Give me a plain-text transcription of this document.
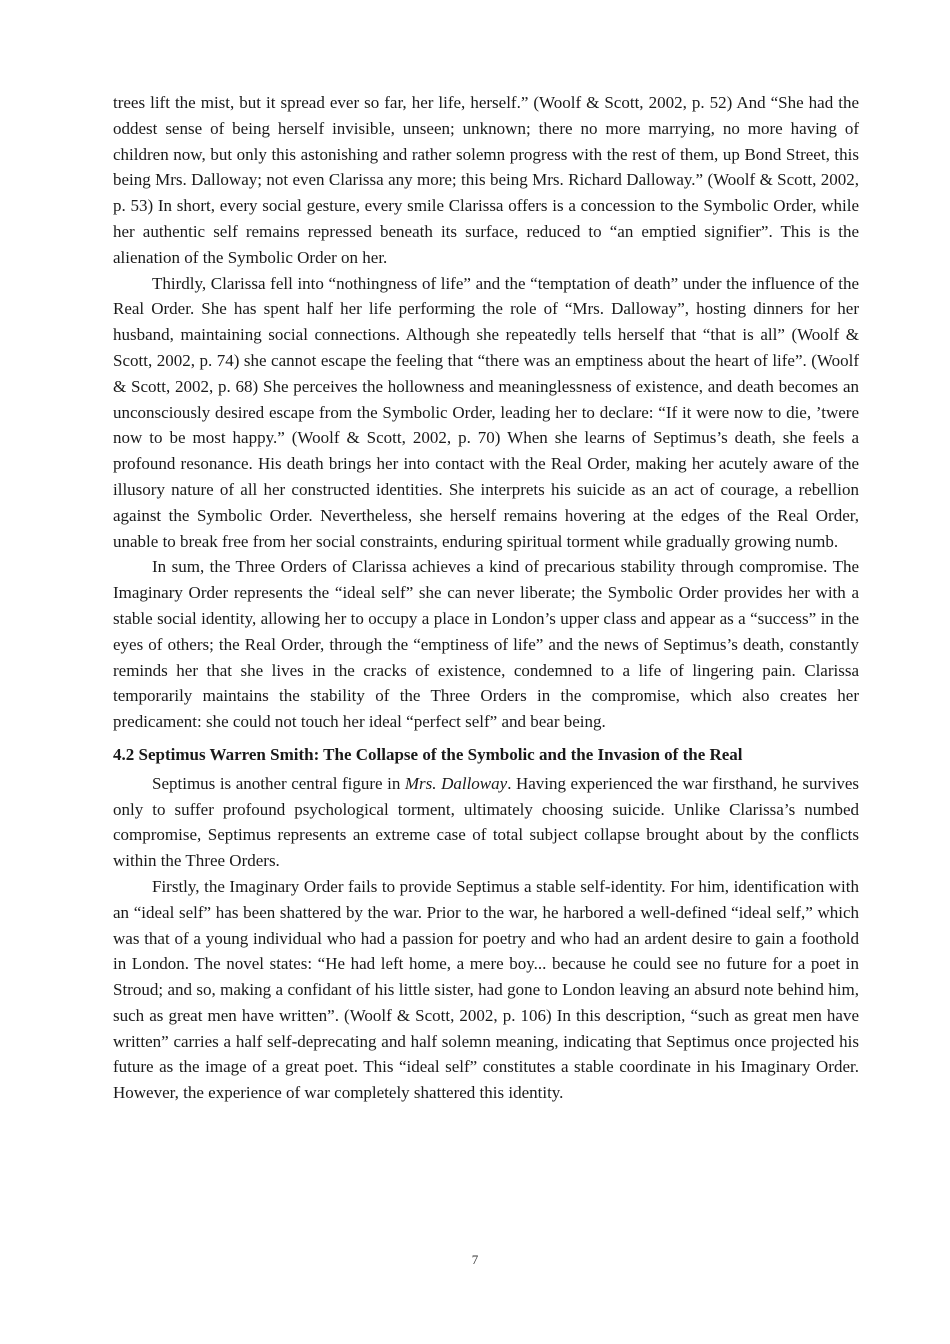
trees lift the mist, but it spread ever so far, her life, herself.” (Woolf & Scott, 2002, p. 52) And “She had the oddest sense of being herself invisible, unseen; unknown; there no more marrying, no more having of children now, but only this astonishing and rather solemn progress with the rest of them, up Bond Street, this being Mrs. Dalloway; not even Clarissa any more; this being Mrs. Richard Dalloway.” (Woolf & Scott, 2002, p. 53) In short, every social gesture, every smile Clarissa offers is a concession to the Symbolic Order, while her authentic self remains repressed beneath its surface, reduced to “an emptied signifier”. This is the alienation of the Symbolic Order on her.

Thirdly, Clarissa fell into “nothingness of life” and the “temptation of death” under the influence of the Real Order. She has spent half her life performing the role of “Mrs. Dalloway”, hosting dinners for her husband, maintaining social connections. Although she repeatedly tells herself that “that is all” (Woolf & Scott, 2002, p. 74) she cannot escape the feeling that “there was an emptiness about the heart of life”. (Woolf & Scott, 2002, p. 68) She perceives the hollowness and meaninglessness of existence, and death becomes an unconsciously desired escape from the Symbolic Order, leading her to declare: “If it were now to die, ’twere now to be most happy.” (Woolf & Scott, 2002, p. 70) When she learns of Septimus’s death, she feels a profound resonance. His death brings her into contact with the Real Order, making her acutely aware of the illusory nature of all her constructed identities. She interprets his suicide as an act of courage, a rebellion against the Symbolic Order. Nevertheless, she herself remains hovering at the edges of the Real Order, unable to break free from her social constraints, enduring spiritual torment while gradually growing numb.

In sum, the Three Orders of Clarissa achieves a kind of precarious stability through compromise. The Imaginary Order represents the “ideal self” she can never liberate; the Symbolic Order provides her with a stable social identity, allowing her to occupy a place in London’s upper class and appear as a “success” in the eyes of others; the Real Order, through the “emptiness of life” and the news of Septimus’s death, constantly reminds her that she lives in the cracks of existence, condemned to a life of lingering pain. Clarissa temporarily maintains the stability of the Three Orders in the compromise, which also creates her predicament: she could not touch her ideal “perfect self” and bear being.

4.2 Septimus Warren Smith: The Collapse of the Symbolic and the Invasion of the Real

Septimus is another central figure in Mrs. Dalloway. Having experienced the war firsthand, he survives only to suffer profound psychological torment, ultimately choosing suicide. Unlike Clarissa’s numbed compromise, Septimus represents an extreme case of total subject collapse brought about by the conflicts within the Three Orders.

Firstly, the Imaginary Order fails to provide Septimus a stable self-identity. For him, identification with an “ideal self” has been shattered by the war. Prior to the war, he harbored a well-defined “ideal self,” which was that of a young individual who had a passion for poetry and who had an ardent desire to gain a foothold in London. The novel states: “He had left home, a mere boy... because he could see no future for a poet in Stroud; and so, making a confidant of his little sister, had gone to London leaving an absurd note behind him, such as great men have written”. (Woolf & Scott, 2002, p. 106) In this description, “such as great men have written” carries a half self-deprecating and half solemn meaning, indicating that Septimus once projected his future as the image of a great poet. This “ideal self” constitutes a stable coordinate in his Imaginary Order. However, the experience of war completely shattered this identity.

7
